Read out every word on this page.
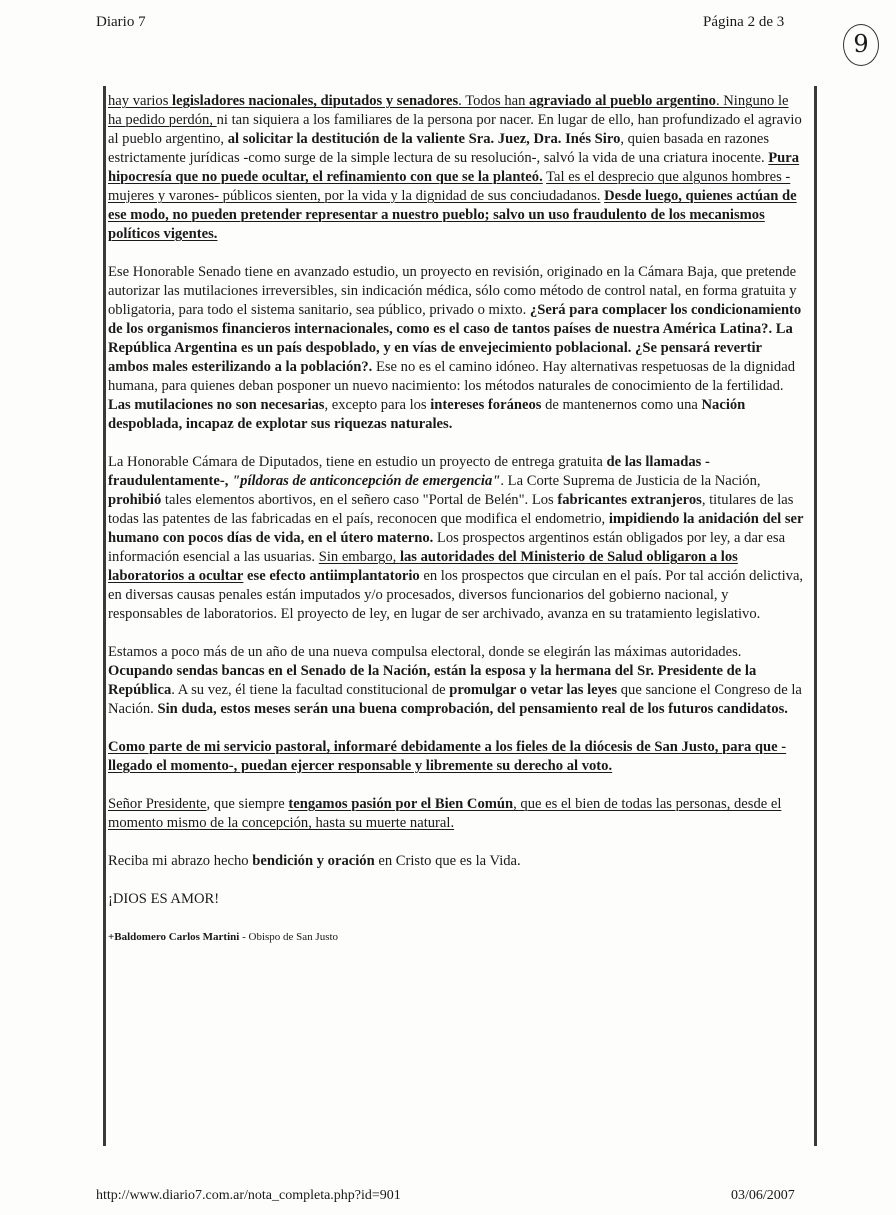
Diario 7	Página 2 de 3
9

hay varios legisladores nacionales, diputados y senadores. Todos han agraviado al pueblo argentino. Ninguno le ha pedido perdón, ni tan siquiera a los familiares de la persona por nacer. En lugar de ello, han profundizado el agravio al pueblo argentino, al solicitar la destitución de la valiente Sra. Juez, Dra. Inés Siro, quien basada en razones estrictamente jurídicas -como surge de la simple lectura de su resolución-, salvó la vida de una criatura inocente. Pura hipocresía que no puede ocultar, el refinamiento con que se la planteó. Tal es el desprecio que algunos hombres -mujeres y varones- públicos sienten, por la vida y la dignidad de sus conciudadanos. Desde luego, quienes actúan de ese modo, no pueden pretender representar a nuestro pueblo; salvo un uso fraudulento de los mecanismos políticos vigentes.

Ese Honorable Senado tiene en avanzado estudio, un proyecto en revisión, originado en la Cámara Baja, que pretende autorizar las mutilaciones irreversibles, sin indicación médica, sólo como método de control natal, en forma gratuita y obligatoria, para todo el sistema sanitario, sea público, privado o mixto. ¿Será para complacer los condicionamiento de los organismos financieros internacionales, como es el caso de tantos países de nuestra América Latina?. La República Argentina es un país despoblado, y en vías de envejecimiento poblacional. ¿Se pensará revertir ambos males esterilizando a la población?. Ese no es el camino idóneo. Hay alternativas respetuosas de la dignidad humana, para quienes deban posponer un nuevo nacimiento: los métodos naturales de conocimiento de la fertilidad. Las mutilaciones no son necesarias, excepto para los intereses foráneos de mantenernos como una Nación despoblada, incapaz de explotar sus riquezas naturales.

La Honorable Cámara de Diputados, tiene en estudio un proyecto de entrega gratuita de las llamadas -fraudulentamente-, "píldoras de anticoncepción de emergencia". La Corte Suprema de Justicia de la Nación, prohibió tales elementos abortivos, en el señero caso "Portal de Belén". Los fabricantes extranjeros, titulares de las todas las patentes de las fabricadas en el país, reconocen que modifica el endometrio, impidiendo la anidación del ser humano con pocos días de vida, en el útero materno. Los prospectos argentinos están obligados por ley, a dar esa información esencial a las usuarias. Sin embargo, las autoridades del Ministerio de Salud obligaron a los laboratorios a ocultar ese efecto antiimplantatorio en los prospectos que circulan en el país. Por tal acción delictiva, en diversas causas penales están imputados y/o procesados, diversos funcionarios del gobierno nacional, y responsables de laboratorios. El proyecto de ley, en lugar de ser archivado, avanza en su tratamiento legislativo.

Estamos a poco más de un año de una nueva compulsa electoral, donde se elegirán las máximas autoridades. Ocupando sendas bancas en el Senado de la Nación, están la esposa y la hermana del Sr. Presidente de la República. A su vez, él tiene la facultad constitucional de promulgar o vetar las leyes que sancione el Congreso de la Nación. Sin duda, estos meses serán una buena comprobación, del pensamiento real de los futuros candidatos.

Como parte de mi servicio pastoral, informaré debidamente a los fieles de la diócesis de San Justo, para que -llegado el momento-, puedan ejercer responsable y libremente su derecho al voto.

Señor Presidente, que siempre tengamos pasión por el Bien Común, que es el bien de todas las personas, desde el momento mismo de la concepción, hasta su muerte natural.

Reciba mi abrazo hecho bendición y oración en Cristo que es la Vida.

¡DIOS ES AMOR!

+Baldomero Carlos Martini - Obispo de San Justo
http://www.diario7.com.ar/nota_completa.php?id=901	03/06/2007
